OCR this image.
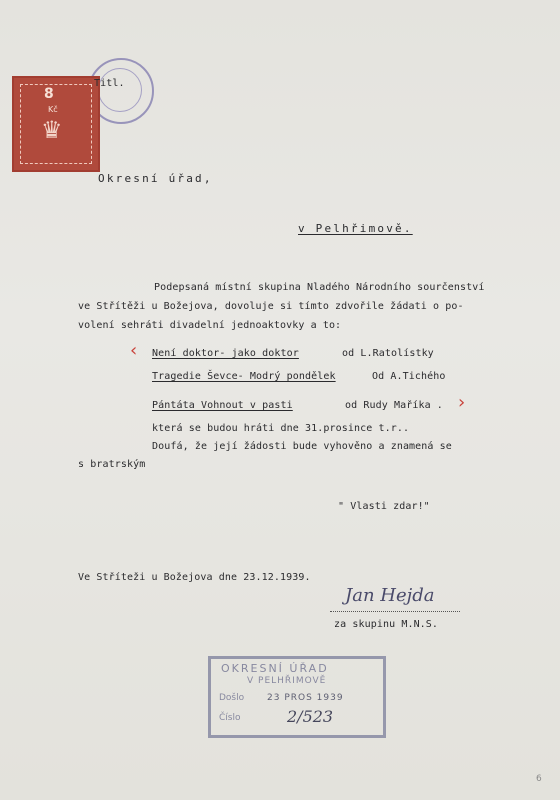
8
Kč
♛
Titl.
Okresní úřad,
v Pelhřimově.
Podepsaná místní skupina Nladého Národního sourčenství
ve Střítěži u Božejova, dovoluje si tímto zdvořile žádati o po-
volení sehráti divadelní jednoaktovky a to:
‹ Není doktor- jako doktor	od L.Ratolístky
Tragedie Ševce- Modrý pondělek	Od A.Tichého
Pántáta Vohnout v pasti	od Rudy Maříka . ›
která se budou hráti dne 31.prosince t.r..
Doufá, že její žádosti bude vyhověno a znamená se
s bratrským
" Vlasti zdar!"
Ve Stříteži u Božejova dne 23.12.1939.
Jan Hejda
za skupinu M.N.S.
OKRESNÍ ÚŘAD
V PELHŘIMOVĚ
Došlo	23 PROS 1939
Číslo	2/523
6
